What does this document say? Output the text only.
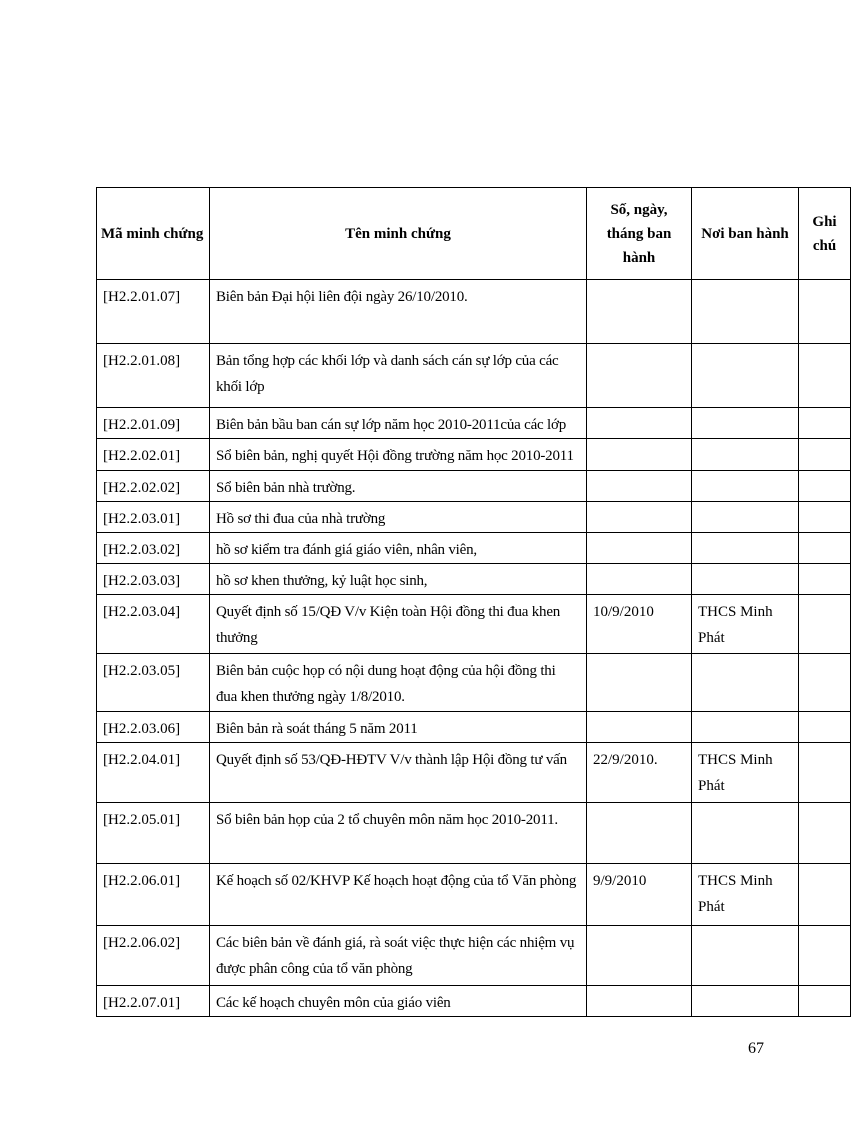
Mã minh chứng	Tên minh chứng	Số, ngày, tháng ban hành	Nơi ban hành	Ghi chú
[H2.2.01.07]	Biên bản Đại hội liên đội ngày 26/10/2010.			
[H2.2.01.08]	Bản tổng hợp các khối lớp và danh sách cán sự lớp của các khối lớp			
[H2.2.01.09]	Biên bản bầu ban cán sự lớp năm học 2010-2011của các lớp			
[H2.2.02.01]	Sổ biên bản, nghị quyết Hội đồng trường năm học 2010-2011			
[H2.2.02.02]	Sổ biên bản nhà trường.			
[H2.2.03.01]	Hồ sơ thi đua của nhà trường			
[H2.2.03.02]	hồ sơ kiểm tra đánh giá giáo viên, nhân viên,			
[H2.2.03.03]	hồ sơ khen thưởng, kỷ luật học sinh,			
[H2.2.03.04]	Quyết định số 15/QĐ V/v Kiện toàn Hội đồng thi đua khen thưởng	10/9/2010	THCS Minh Phát	
[H2.2.03.05]	Biên bản cuộc họp có nội dung hoạt động của hội đồng thi đua khen thưởng ngày 1/8/2010.			
[H2.2.03.06]	Biên bản rà soát tháng 5 năm 2011			
[H2.2.04.01]	Quyết định số 53/QĐ-HĐTV V/v thành lập Hội đồng tư vấn	22/9/2010.	THCS Minh Phát	
[H2.2.05.01]	Sổ biên bản họp của 2 tổ chuyên môn năm học 2010-2011.			
[H2.2.06.01]	Kế hoạch số 02/KHVP Kế hoạch hoạt động của tổ Văn phòng	9/9/2010	THCS Minh Phát	
[H2.2.06.02]	Các biên bản về đánh giá, rà soát việc thực hiện các nhiệm vụ được phân công của tổ văn phòng			
[H2.2.07.01]	Các kế hoạch chuyên môn của giáo viên			
67
